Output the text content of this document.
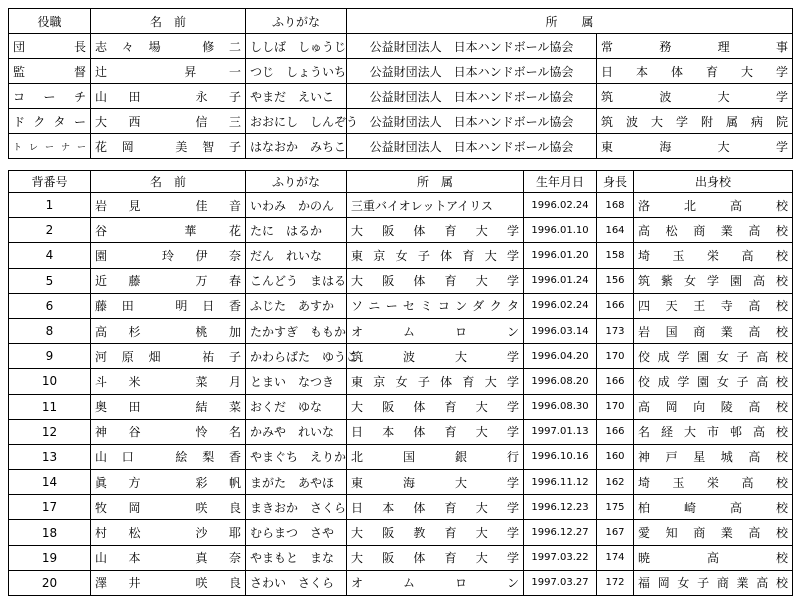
役職	名　前	ふりがな	所　　属	
団　長	志々場　修二	ししば　しゅうじ	公益財団法人　日本ハンドボール協会	常務理事
監　督	辻　昇一	つじ　しょういち	公益財団法人　日本ハンドボール協会	日本体育大学
コーチ	山田　永子	やまだ　えいこ	公益財団法人　日本ハンドボール協会	筑波大学
ドクター	大西　信三	おおにし　しんぞう	公益財団法人　日本ハンドボール協会	筑波大学附属病院
トレーナー	花岡　美智子	はなおか　みちこ	公益財団法人　日本ハンドボール協会	東海大学
背番号	名　前	ふりがな	所　属	生年月日	身長	出身校
1	岩見　佳音	いわみ　かのん	三重バイオレットアイリス	1996.02.24	168	洛北高校
2	谷　華花	たに　はるか	大阪体育大学	1996.01.10	164	高松商業高校
4	園　玲伊奈	だん　れいな	東京女子体育大学	1996.01.20	158	埼玉栄高校
5	近藤　万春	こんどう　まはる	大阪体育大学	1996.01.24	156	筑紫女学園高校
6	藤田　明日香	ふじた　あすか	ソニーセミコンダクタ	1996.02.24	166	四天王寺高校
8	高杉　桃加	たかすぎ　ももか	オムロン	1996.03.14	173	岩国商業高校
9	河原畑　祐子	かわらばた　ゆうこ	筑波大学	1996.04.20	170	佼成学園女子高校
10	斗米　菜月	とまい　なつき	東京女子体育大学	1996.08.20	166	佼成学園女子高校
11	奥田　結菜	おくだ　ゆな	大阪体育大学	1996.08.30	170	高岡向陵高校
12	神谷　怜名	かみや　れいな	日本体育大学	1997.01.13	166	名経大市邨高校
13	山口　絵梨香	やまぐち　えりか	北国銀行	1996.10.16	160	神戸星城高校
14	眞方　彩帆	まがた　あやほ	東海大学	1996.11.12	162	埼玉栄高校
17	牧岡　咲良	まきおか　さくら	日本体育大学	1996.12.23	175	柏崎高校
18	村松　沙耶	むらまつ　さや	大阪教育大学	1996.12.27	167	愛知商業高校
19	山本　真奈	やまもと　まな	大阪体育大学	1997.03.22	174	暁高校
20	澤井　咲良	さわい　さくら	オムロン	1997.03.27	172	福岡女子商業高校
